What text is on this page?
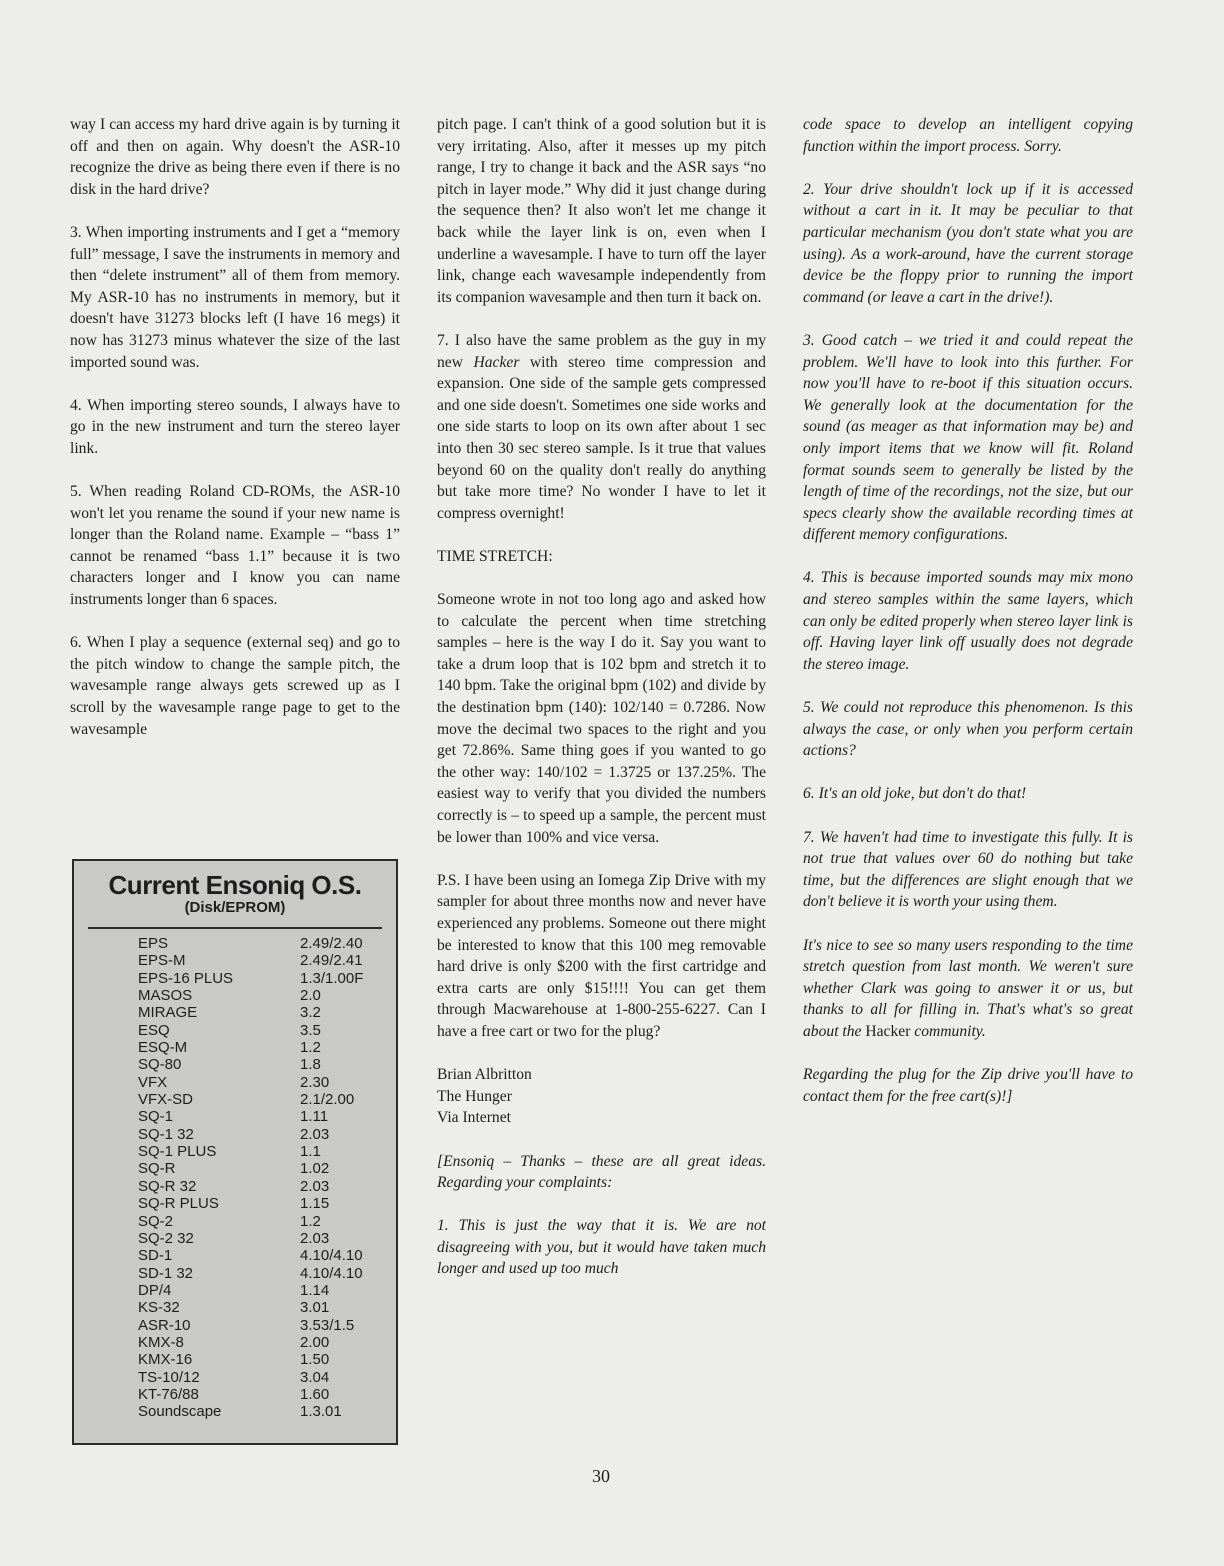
way I can access my hard drive again is by turning it off and then on again. Why doesn't the ASR-10 recognize the drive as being there even if there is no disk in the hard drive?

3. When importing instruments and I get a “memory full” message, I save the instruments in memory and then “delete instrument” all of them from memory. My ASR-10 has no instruments in memory, but it doesn't have 31273 blocks left (I have 16 megs) it now has 31273 minus whatever the size of the last imported sound was.

4. When importing stereo sounds, I always have to go in the new instrument and turn the stereo layer link.

5. When reading Roland CD-ROMs, the ASR-10 won't let you rename the sound if your new name is longer than the Roland name. Example – “bass 1” cannot be renamed “bass 1.1” because it is two characters longer and I know you can name instruments longer than 6 spaces.

6. When I play a sequence (external seq) and go to the pitch window to change the sample pitch, the wavesample range always gets screwed up as I scroll by the wavesample range page to get to the wavesample

Current Ensoniq O.S.
(Disk/EPROM)
EPS	2.49/2.40
EPS-M	2.49/2.41
EPS-16 PLUS	1.3/1.00F
MASOS	2.0
MIRAGE	3.2
ESQ	3.5
ESQ-M	1.2
SQ-80	1.8
VFX	2.30
VFX-SD	2.1/2.00
SQ-1	1.11
SQ-1 32	2.03
SQ-1 PLUS	1.1
SQ-R	1.02
SQ-R 32	2.03
SQ-R PLUS	1.15
SQ-2	1.2
SQ-2 32	2.03
SD-1	4.10/4.10
SD-1 32	4.10/4.10
DP/4	1.14
KS-32	3.01
ASR-10	3.53/1.5
KMX-8	2.00
KMX-16	1.50
TS-10/12	3.04
KT-76/88	1.60
Soundscape	1.3.01

pitch page. I can't think of a good solution but it is very irritating. Also, after it messes up my pitch range, I try to change it back and the ASR says “no pitch in layer mode.” Why did it just change during the sequence then? It also won't let me change it back while the layer link is on, even when I underline a wavesample. I have to turn off the layer link, change each wavesample independently from its companion wavesample and then turn it back on.

7. I also have the same problem as the guy in my new Hacker with stereo time compression and expansion. One side of the sample gets compressed and one side doesn't. Sometimes one side works and one side starts to loop on its own after about 1 sec into then 30 sec stereo sample. Is it true that values beyond 60 on the quality don't really do anything but take more time? No wonder I have to let it compress overnight!

TIME STRETCH:

Someone wrote in not too long ago and asked how to calculate the percent when time stretching samples – here is the way I do it. Say you want to take a drum loop that is 102 bpm and stretch it to 140 bpm. Take the original bpm (102) and divide by the destination bpm (140): 102/140 = 0.7286. Now move the decimal two spaces to the right and you get 72.86%. Same thing goes if you wanted to go the other way: 140/102 = 1.3725 or 137.25%. The easiest way to verify that you divided the numbers correctly is – to speed up a sample, the percent must be lower than 100% and vice versa.

P.S. I have been using an Iomega Zip Drive with my sampler for about three months now and never have experienced any problems. Someone out there might be interested to know that this 100 meg removable hard drive is only $200 with the first cartridge and extra carts are only $15!!!! You can get them through Macwarehouse at 1-800-255-6227. Can I have a free cart or two for the plug?

Brian Albritton

The Hunger

Via Internet

[Ensoniq – Thanks – these are all great ideas. Regarding your complaints:

1. This is just the way that it is. We are not disagreeing with you, but it would have taken much longer and used up too much

code space to develop an intelligent copying function within the import process. Sorry.

2. Your drive shouldn't lock up if it is accessed without a cart in it. It may be peculiar to that particular mechanism (you don't state what you are using). As a work-around, have the current storage device be the floppy prior to running the import command (or leave a cart in the drive!).

3. Good catch – we tried it and could repeat the problem. We'll have to look into this further. For now you'll have to re-boot if this situation occurs. We generally look at the documentation for the sound (as meager as that information may be) and only import items that we know will fit. Roland format sounds seem to generally be listed by the length of time of the recordings, not the size, but our specs clearly show the available recording times at different memory configurations.

4. This is because imported sounds may mix mono and stereo samples within the same layers, which can only be edited properly when stereo layer link is off. Having layer link off usually does not degrade the stereo image.

5. We could not reproduce this phenomenon. Is this always the case, or only when you perform certain actions?

6. It's an old joke, but don't do that!

7. We haven't had time to investigate this fully. It is not true that values over 60 do nothing but take time, but the differences are slight enough that we don't believe it is worth your using them.

It's nice to see so many users responding to the time stretch question from last month. We weren't sure whether Clark was going to answer it or us, but thanks to all for filling in. That's what's so great about the Hacker community.

Regarding the plug for the Zip drive you'll have to contact them for the free cart(s)!]

30
